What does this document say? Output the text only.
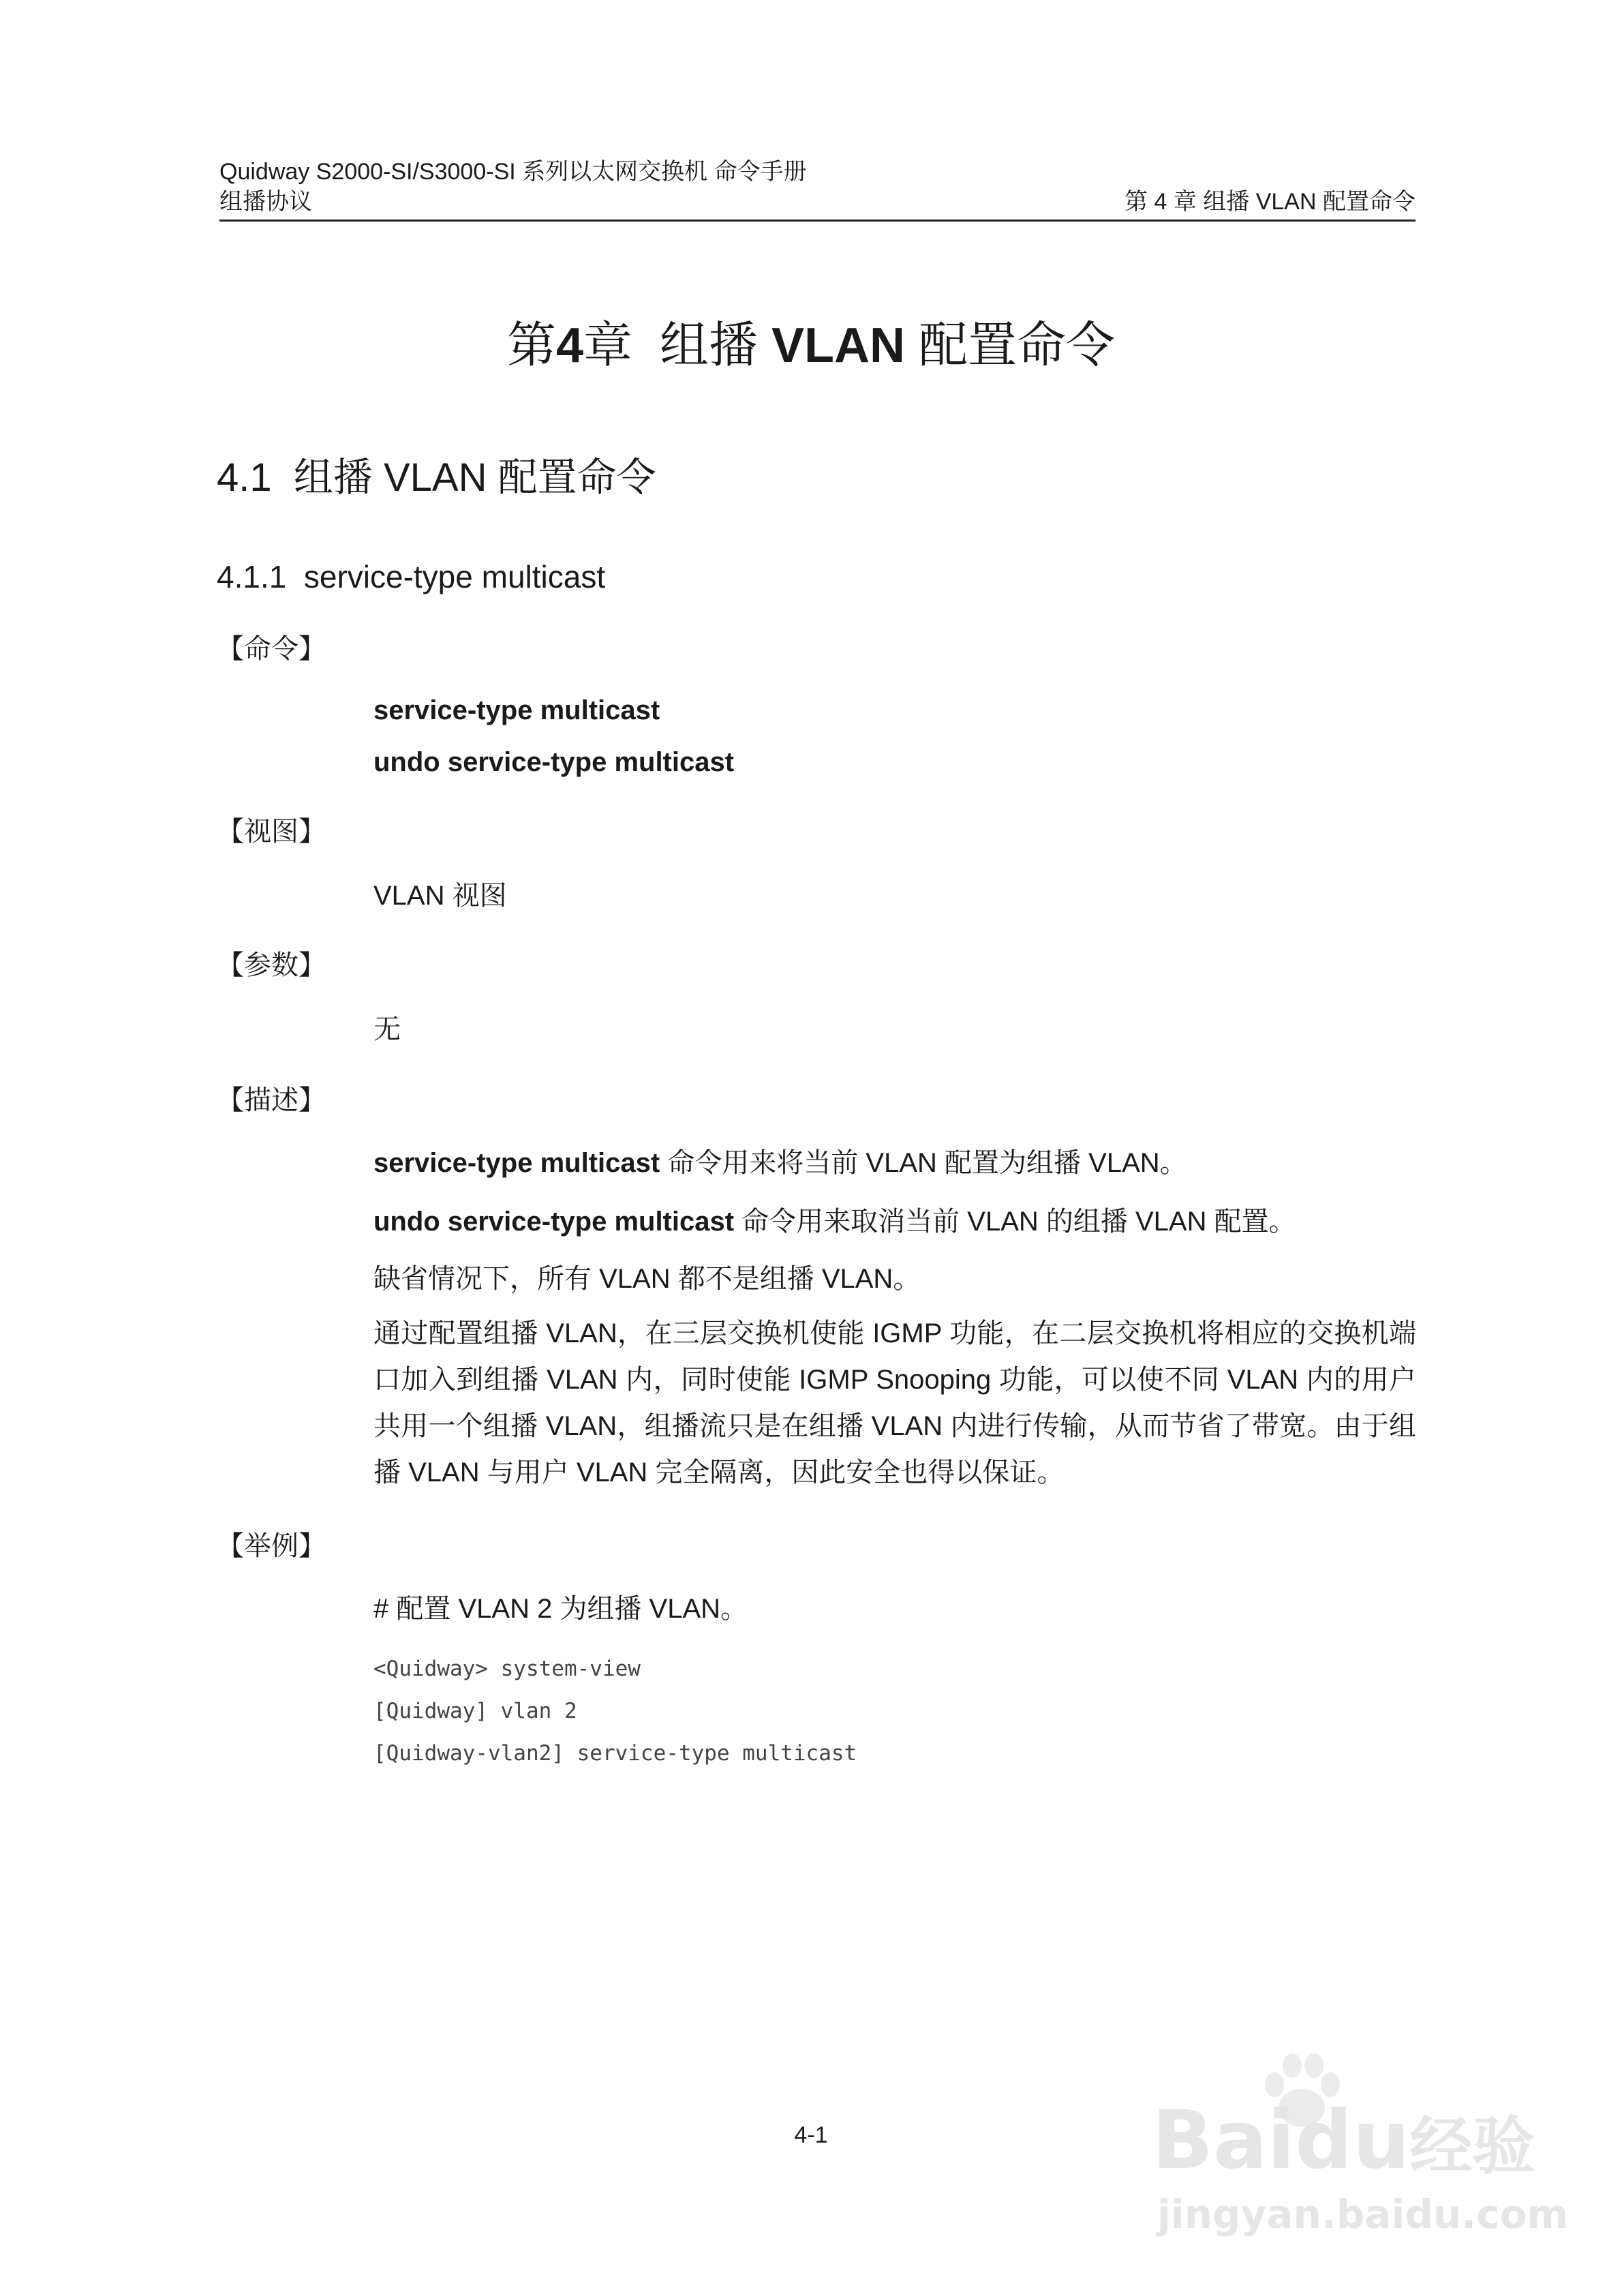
Quidway S2000-SI/S3000-SI 系列以太网交换机 命令手册
组播协议	第 4 章 组播 VLAN 配置命令
第4章  组播 VLAN 配置命令
4.1  组播 VLAN 配置命令
4.1.1  service-type multicast
【命令】
service-type multicast
undo service-type multicast
【视图】
VLAN 视图
【参数】
无
【描述】
service-type multicast 命令用来将当前 VLAN 配置为组播 VLAN。
undo service-type multicast 命令用来取消当前 VLAN 的组播 VLAN 配置。
缺省情况下，所有 VLAN 都不是组播 VLAN。
通过配置组播 VLAN，在三层交换机使能 IGMP 功能，在二层交换机将相应的交换机端口加入到组播 VLAN 内，同时使能 IGMP Snooping 功能，可以使不同 VLAN 内的用户共用一个组播 VLAN，组播流只是在组播 VLAN 内进行传输，从而节省了带宽。由于组播 VLAN 与用户 VLAN 完全隔离，因此安全也得以保证。
【举例】
# 配置 VLAN 2 为组播 VLAN。
<Quidway> system-view
[Quidway] vlan 2
[Quidway-vlan2] service-type multicast
4-1	Baidu经验
jingyan.baidu.com
